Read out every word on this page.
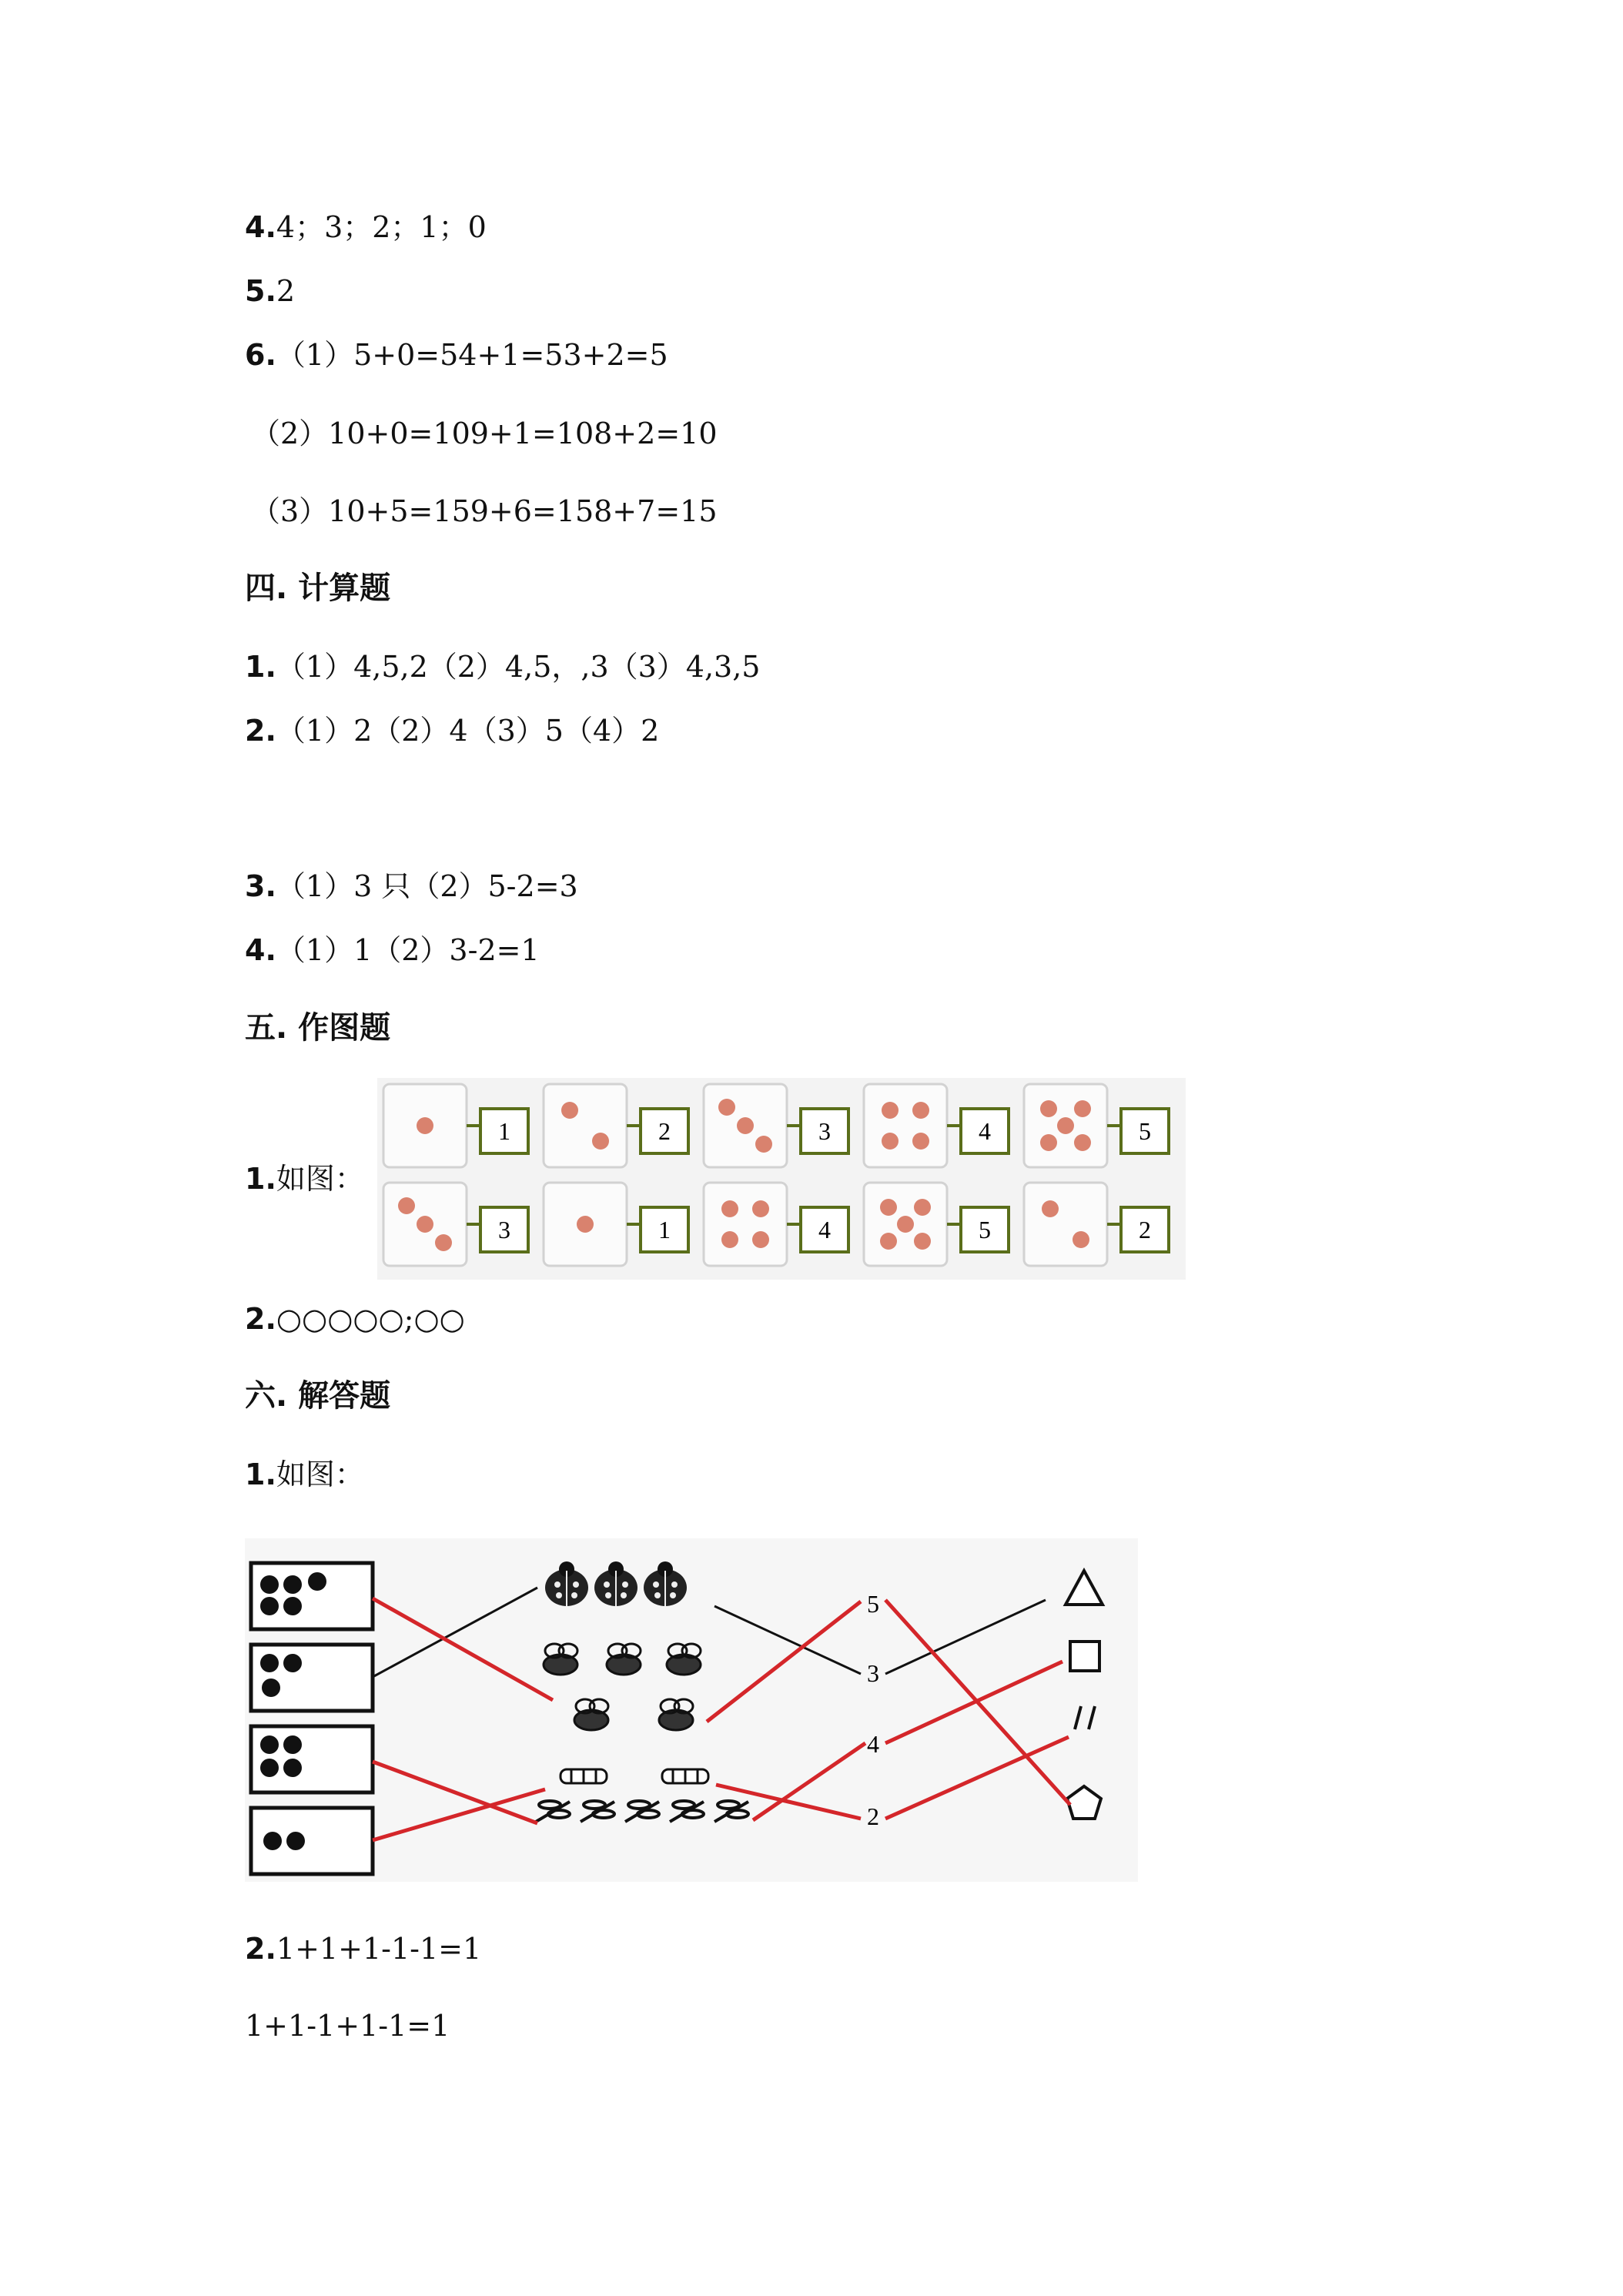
4.4；3；2；1；0
5.2
6.（1）5+0=54+1=53+2=5
（2）10+0=109+1=108+2=10
（3）10+5=159+6=158+7=15
四. 计算题
1.（1）4,5,2（2）4,5，,3（3）4,3,5
2.（1）2（2）4（3）5（4）2
3.（1）3 只（2）5-2=3
4.（1）1（2）3-2=1
五. 作图题
1.如图：
1	2	3	4	5
3	1	4	5	2
2.○○○○○;○○
六. 解答题
1.如图：
5
3
4
2
2.1+1+1-1-1=1
1+1-1+1-1=1
